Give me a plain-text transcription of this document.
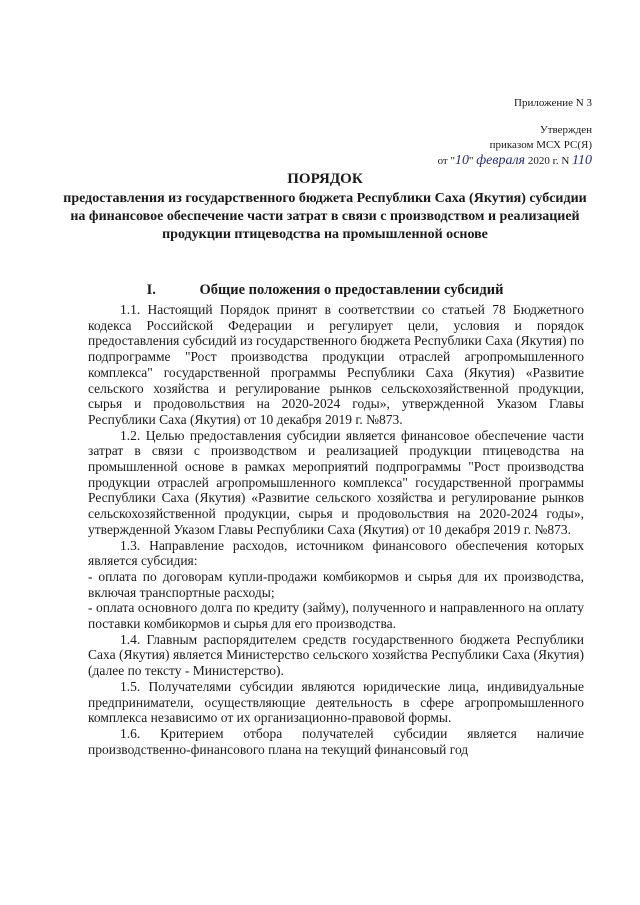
Приложение N 3
Утвержден
приказом МСХ РС(Я)
от "10" февраля 2020 г. N 110
ПОРЯДОК
предоставления из государственного бюджета Республики Саха (Якутия) субсидии на финансовое обеспечение части затрат в связи с производством и реализацией продукции птицеводства на промышленной основе
I.	Общие положения о предоставлении субсидий

1.1. Настоящий Порядок принят в соответствии со статьей 78 Бюджетного кодекса Российской Федерации и регулирует цели, условия и порядок предоставления субсидий из государственного бюджета Республики Саха (Якутия) по подпрограмме "Рост производства продукции отраслей агропромышленного комплекса" государственной программы Республики Саха (Якутия) «Развитие сельского хозяйства и регулирование рынков сельскохозяйственной продукции, сырья и продовольствия на 2020-2024 годы», утвержденной Указом Главы Республики Саха (Якутия) от 10 декабря 2019 г. №873.

1.2. Целью предоставления субсидии является финансовое обеспечение части затрат в связи с производством и реализацией продукции птицеводства на промышленной основе в рамках мероприятий подпрограммы "Рост производства продукции отраслей агропромышленного комплекса" государственной программы Республики Саха (Якутия) «Развитие сельского хозяйства и регулирование рынков сельскохозяйственной продукции, сырья и продовольствия на 2020-2024 годы», утвержденной Указом Главы Республики Саха (Якутия) от 10 декабря 2019 г. №873.

1.3. Направление расходов, источником финансового обеспечения которых является субсидия:

- оплата по договорам купли-продажи комбикормов и сырья для их производства, включая транспортные расходы;

- оплата основного долга по кредиту (займу), полученного и направленного на оплату поставки комбикормов и сырья для его производства.

1.4. Главным распорядителем средств государственного бюджета Республики Саха (Якутия) является Министерство сельского хозяйства Республики Саха (Якутия) (далее по тексту - Министерство).

1.5. Получателями субсидии являются юридические лица, индивидуальные предприниматели, осуществляющие деятельность в сфере агропромышленного комплекса независимо от их организационно-правовой формы.

1.6. Критерием отбора получателей субсидии является наличие производственно-финансового плана на текущий финансовый год
